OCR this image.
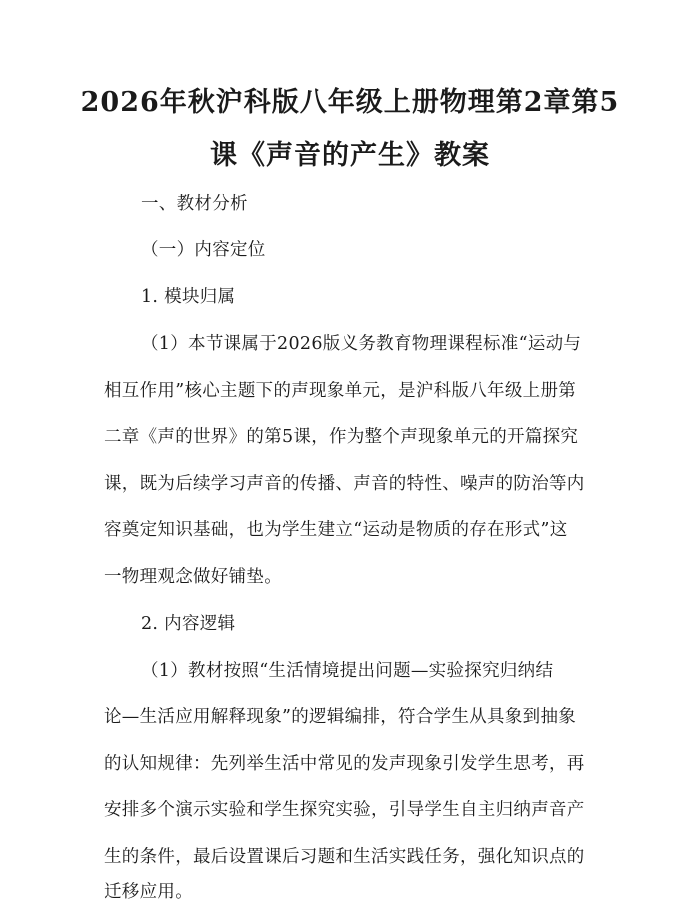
2026年秋沪科版八年级上册物理第2章第5
课《声音的产生》教案
一、教材分析
（一）内容定位
1. 模块归属
（1）本节课属于2026版义务教育物理课程标准“运动与
相互作用”核心主题下的声现象单元，是沪科版八年级上册第
二章《声的世界》的第5课，作为整个声现象单元的开篇探究
课，既为后续学习声音的传播、声音的特性、噪声的防治等内
容奠定知识基础，也为学生建立“运动是物质的存在形式”这
一物理观念做好铺垫。
2. 内容逻辑
（1）教材按照“生活情境提出问题—实验探究归纳结
论—生活应用解释现象”的逻辑编排，符合学生从具象到抽象
的认知规律：先列举生活中常见的发声现象引发学生思考，再
安排多个演示实验和学生探究实验，引导学生自主归纳声音产
生的条件，最后设置课后习题和生活实践任务，强化知识点的
迁移应用。
